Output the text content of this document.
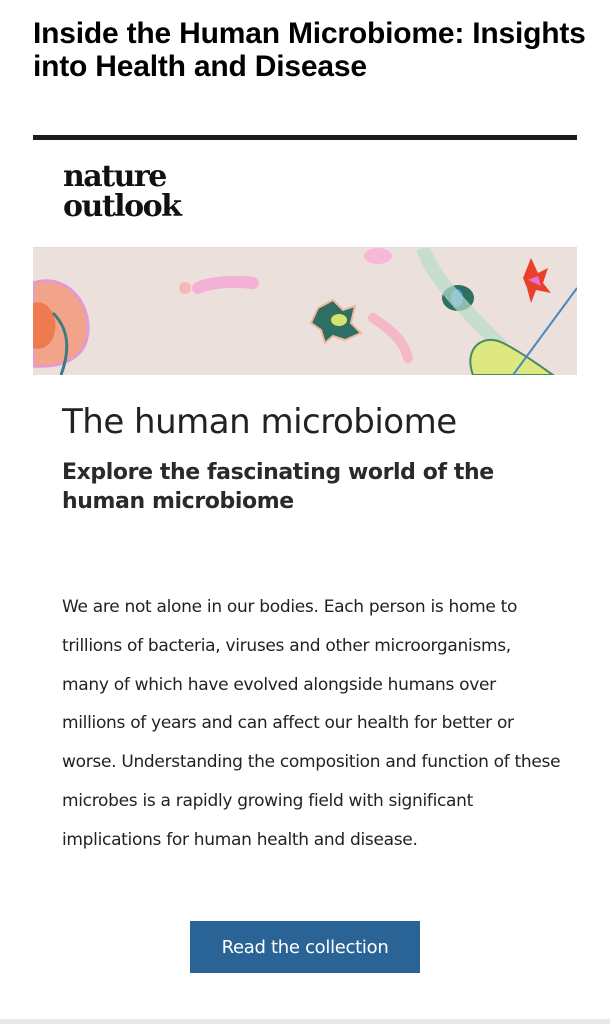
Inside the Human Microbiome: Insights into Health and Disease
nature
outlook
The human microbiome
Explore the fascinating world of the human microbiome

We are not alone in our bodies. Each person is home to trillions of bacteria, viruses and other microorganisms, many of which have evolved alongside humans over millions of years and can affect our health for better or worse. Understanding the composition and function of these microbes is a rapidly growing field with significant implications for human health and disease.

Read the collection
